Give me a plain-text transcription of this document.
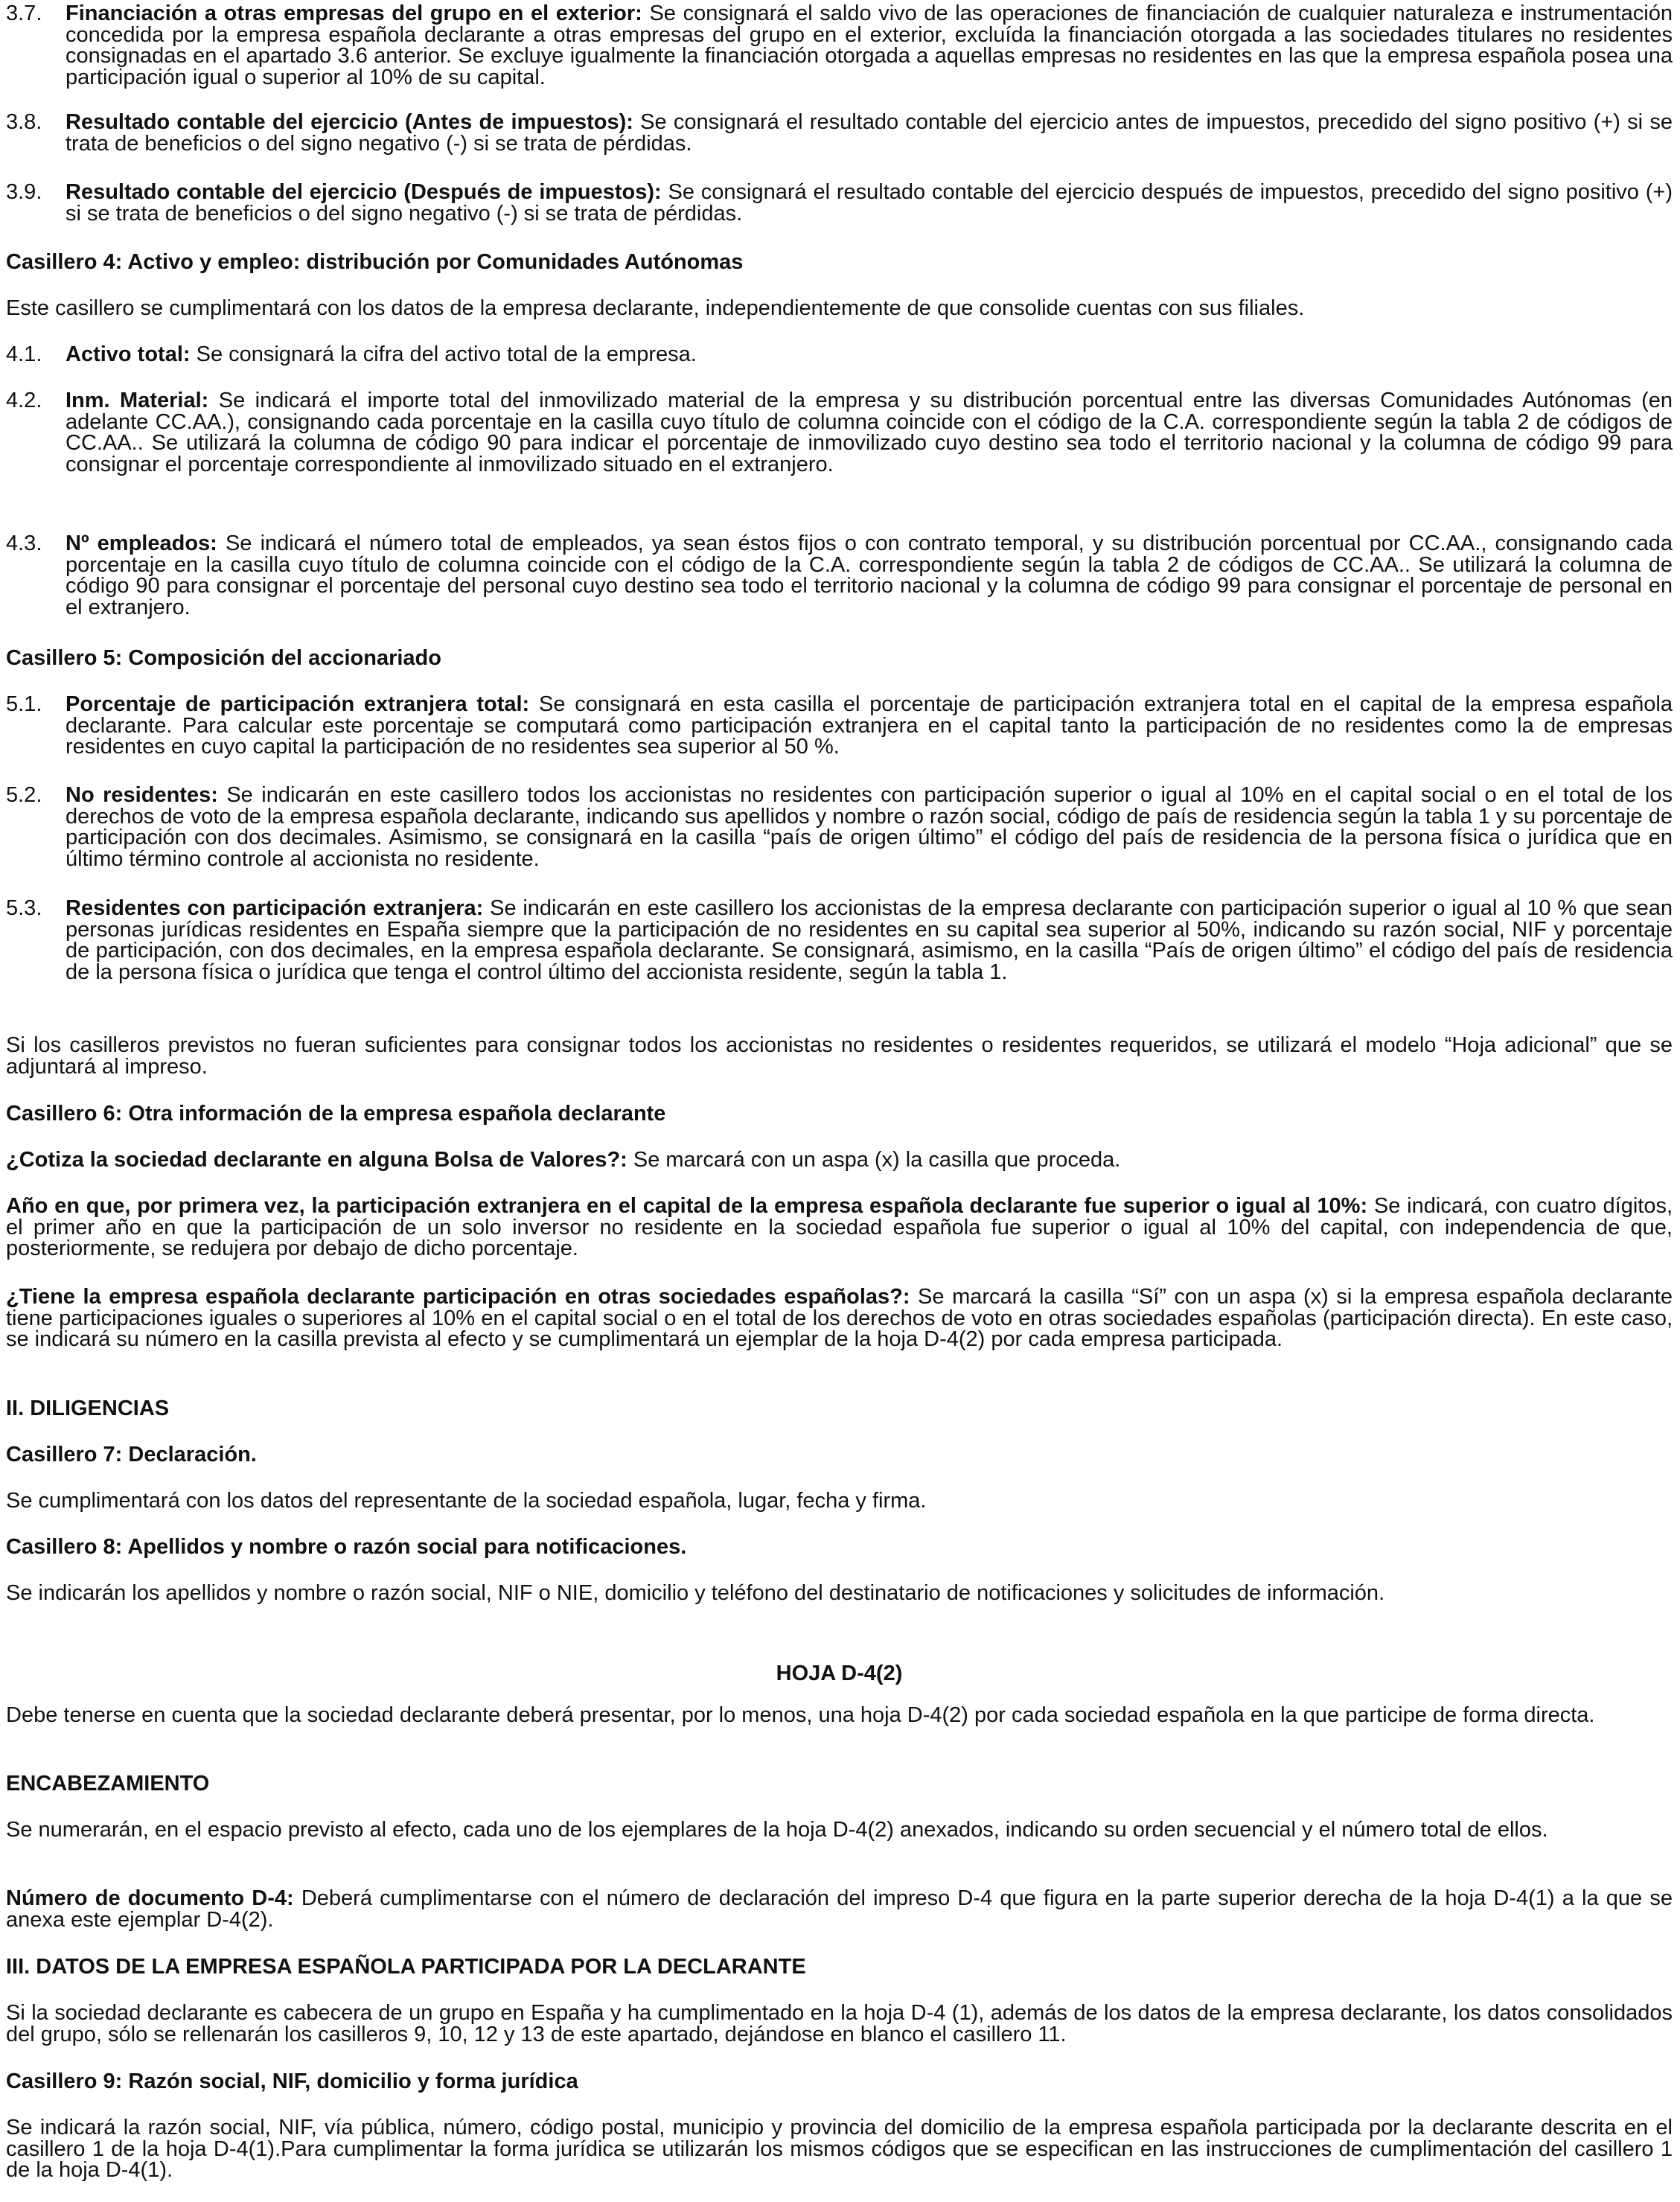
3.7.	Financiación a otras empresas del grupo en el exterior: Se consignará el saldo vivo de las operaciones de financiación de cualquier naturaleza e instrumentación concedida por la empresa española declarante a otras empresas del grupo en el exterior, excluída la financiación otorgada a las sociedades titulares no residentes consignadas en el apartado 3.6 anterior. Se excluye igualmente la financiación otorgada a aquellas empresas no residentes en las que la empresa española posea una participación igual o superior al 10% de su capital.
3.8.	Resultado contable del ejercicio (Antes de impuestos): Se consignará el resultado contable del ejercicio antes de impuestos, precedido del signo positivo (+) si se trata de beneficios o del signo negativo (-) si se trata de pérdidas.
3.9.	Resultado contable del ejercicio (Después de impuestos): Se consignará el resultado contable del ejercicio después de impuestos, precedido del signo positivo (+) si se trata de beneficios o del signo negativo (-) si se trata de pérdidas.

Casillero 4: Activo y empleo: distribución por Comunidades Autónomas

Este casillero se cumplimentará con los datos de la empresa declarante, independientemente de que consolide cuentas con sus filiales.

4.1.	Activo total: Se consignará la cifra del activo total de la empresa.
4.2.	Inm. Material: Se indicará el importe total del inmovilizado material de la empresa y su distribución porcentual entre las diversas Comunidades Autónomas (en adelante CC.AA.), consignando cada porcentaje en la casilla cuyo título de columna coincide con el código de la C.A. correspondiente según la tabla 2 de códigos de CC.AA.. Se utilizará la columna de código 90 para indicar el porcentaje de inmovilizado cuyo destino sea todo el territorio nacional y la columna de código 99 para consignar el porcentaje correspondiente al inmovilizado situado en el extranjero.
4.3.	Nº empleados: Se indicará el número total de empleados, ya sean éstos fijos o con contrato temporal, y su distribución porcentual por CC.AA., consignando cada porcentaje en la casilla cuyo título de columna coincide con el código de la C.A. correspondiente según la tabla 2 de códigos de CC.AA.. Se utilizará la columna de código 90 para consignar el porcentaje del personal cuyo destino sea todo el territorio nacional y la columna de código 99 para consignar el porcentaje de personal en el extranjero.

Casillero 5: Composición del accionariado

5.1.	Porcentaje de participación extranjera total: Se consignará en esta casilla el porcentaje de participación extranjera total en el capital de la empresa española declarante. Para calcular este porcentaje se computará como participación extranjera en el capital tanto la participación de no residentes como la de empresas residentes en cuyo capital la participación de no residentes sea superior al 50 %.
5.2.	No residentes: Se indicarán en este casillero todos los accionistas no residentes con participación superior o igual al 10% en el capital social o en el total de los derechos de voto de la empresa española declarante, indicando sus apellidos y nombre o razón social, código de país de residencia según la tabla 1 y su porcentaje de participación con dos decimales. Asimismo, se consignará en la casilla “país de origen último” el código del país de residencia de la persona física o jurídica que en último término controle al accionista no residente.
5.3.	Residentes con participación extranjera: Se indicarán en este casillero los accionistas de la empresa declarante con participación superior o igual al 10 % que sean personas jurídicas residentes en España siempre que la participación de no residentes en su capital sea superior al 50%, indicando su razón social, NIF y porcentaje de participación, con dos decimales, en la empresa española declarante. Se consignará, asimismo, en la casilla “País de origen último” el código del país de residencia de la persona física o jurídica que tenga el control último del accionista residente, según la tabla 1.

Si los casilleros previstos no fueran suficientes para consignar todos los accionistas no residentes o residentes requeridos, se utilizará el modelo “Hoja adicional” que se adjuntará al impreso.

Casillero 6: Otra información de la empresa española declarante

¿Cotiza la sociedad declarante en alguna Bolsa de Valores?: Se marcará con un aspa (x) la casilla que proceda.

Año en que, por primera vez, la participación extranjera en el capital de la empresa española declarante fue superior o igual al 10%: Se indicará, con cuatro dígitos, el primer año en que la participación de un solo inversor no residente en la sociedad española fue superior o igual al 10% del capital, con independencia de que, posteriormente, se redujera por debajo de dicho porcentaje.

¿Tiene la empresa española declarante participación en otras sociedades españolas?: Se marcará la casilla “Sí” con un aspa (x) si la empresa española declarante tiene participaciones iguales o superiores al 10% en el capital social o en el total de los derechos de voto en otras sociedades españolas (participación directa). En este caso, se indicará su número en la casilla prevista al efecto y se cumplimentará un ejemplar de la hoja D-4(2) por cada empresa participada.

II. DILIGENCIAS

Casillero 7: Declaración.

Se cumplimentará con los datos del representante de la sociedad española, lugar, fecha y firma.

Casillero 8: Apellidos y nombre o razón social para notificaciones.

Se indicarán los apellidos y nombre o razón social, NIF o NIE, domicilio y teléfono del destinatario de notificaciones y solicitudes de información.

HOJA D-4(2)

Debe tenerse en cuenta que la sociedad declarante deberá presentar, por lo menos, una hoja D-4(2) por cada sociedad española en la que participe de forma directa.

ENCABEZAMIENTO

Se numerarán, en el espacio previsto al efecto, cada uno de los ejemplares de la hoja D-4(2) anexados, indicando su orden secuencial y el número total de ellos.

Número de documento D-4: Deberá cumplimentarse con el número de declaración del impreso D-4 que figura en la parte superior derecha de la hoja D-4(1) a la que se anexa este ejemplar D-4(2).

III. DATOS DE LA EMPRESA ESPAÑOLA PARTICIPADA POR LA DECLARANTE

Si la sociedad declarante es cabecera de un grupo en España y ha cumplimentado en la hoja D-4 (1), además de los datos de la empresa declarante, los datos consolidados del grupo, sólo se rellenarán los casilleros 9, 10, 12 y 13 de este apartado, dejándose en blanco el casillero 11.

Casillero 9: Razón social, NIF, domicilio y forma jurídica

Se indicará la razón social, NIF, vía pública, número, código postal, municipio y provincia del domicilio de la empresa española participada por la declarante descrita en el casillero 1 de la hoja D-4(1).Para cumplimentar la forma jurídica se utilizarán los mismos códigos que se especifican en las instrucciones de cumplimentación del casillero 1 de la hoja D-4(1).
